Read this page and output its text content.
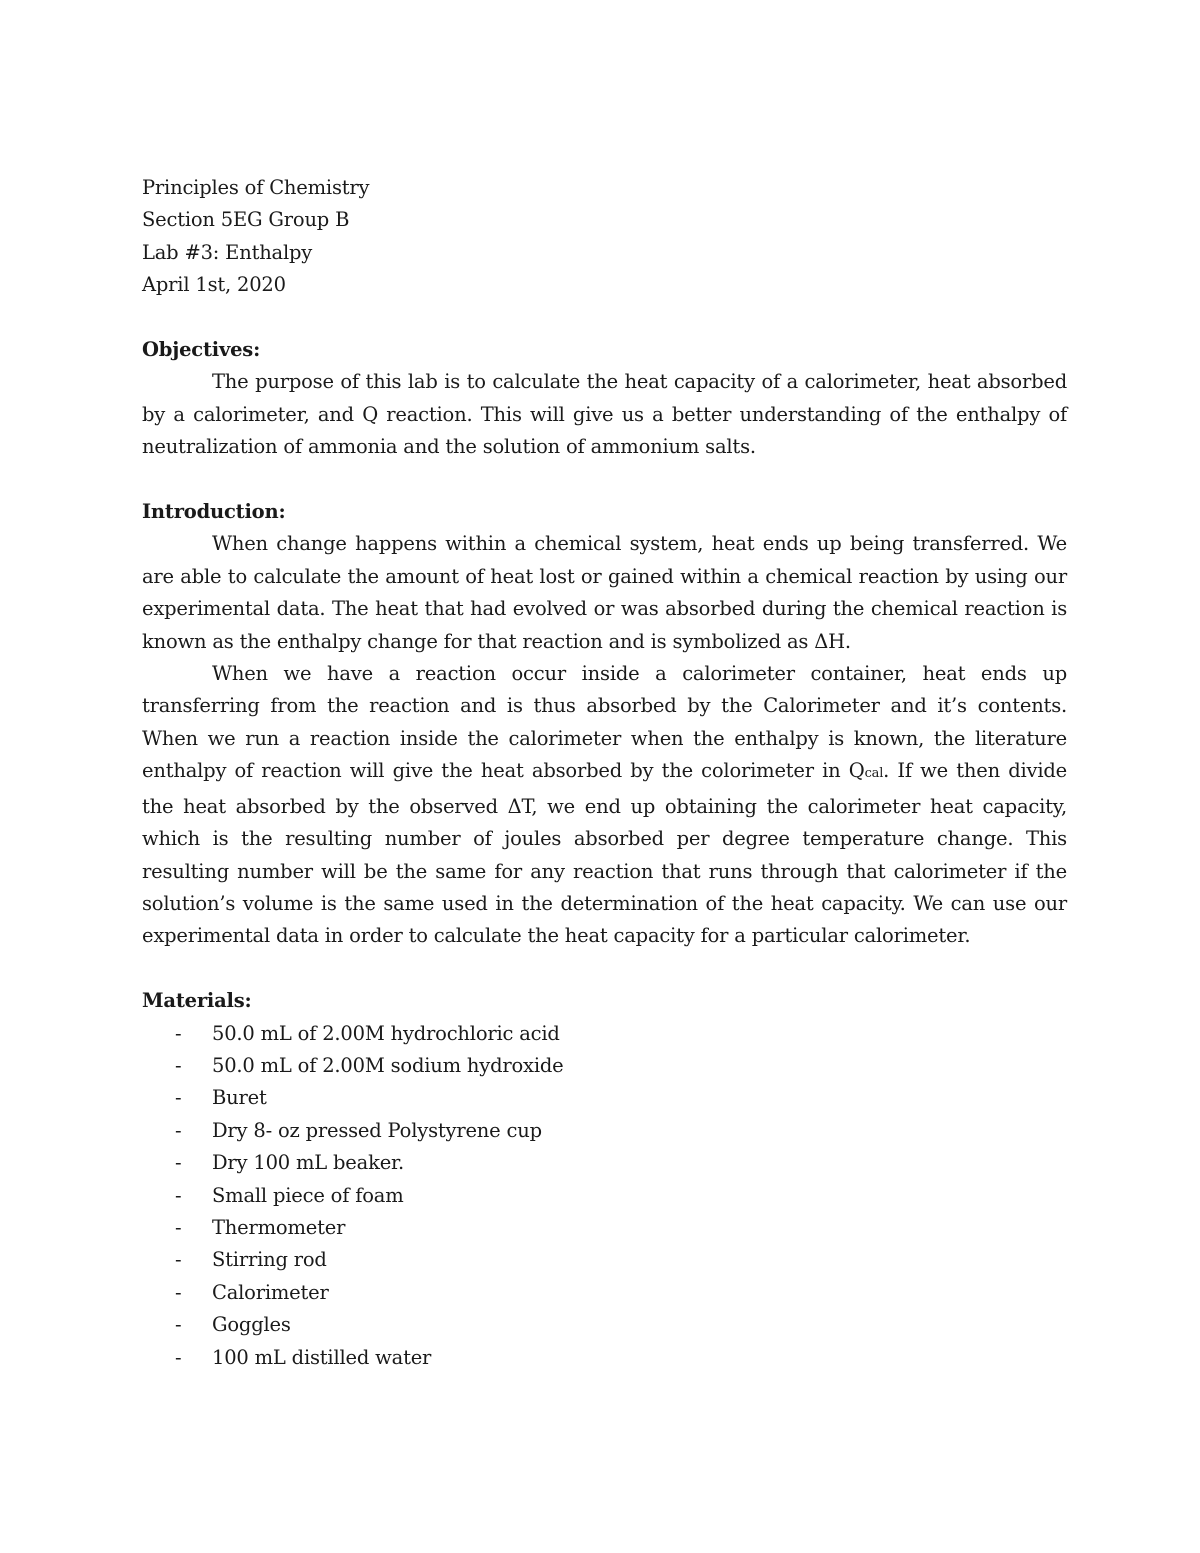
Principles of Chemistry
Section 5EG Group B
Lab #3: Enthalpy
April 1st, 2020
Objectives:

The purpose of this lab is to calculate the heat capacity of a calorimeter, heat absorbed by a calorimeter, and Q reaction. This will give us a better understanding of the enthalpy of neutralization of ammonia and the solution of ammonium salts.

Introduction:

When change happens within a chemical system, heat ends up being transferred. We are able to calculate the amount of heat lost or gained within a chemical reaction by using our experimental data. The heat that had evolved or was absorbed during the chemical reaction is known as the enthalpy change for that reaction and is symbolized as ΔH.

When we have a reaction occur inside a calorimeter container, heat ends up transferring from the reaction and is thus absorbed by the Calorimeter and it’s contents. When we run a reaction inside the calorimeter when the enthalpy is known, the literature enthalpy of reaction will give the heat absorbed by the colorimeter in Qcal. If we then divide the heat absorbed by the observed ΔT, we end up obtaining the calorimeter heat capacity, which is the resulting number of joules absorbed per degree temperature change. This resulting number will be the same for any reaction that runs through that calorimeter if the solution’s volume is the same used in the determination of the heat capacity. We can use our experimental data in order to calculate the heat capacity for a particular calorimeter.

Materials:
- 50.0 mL of 2.00M hydrochloric acid
- 50.0 mL of 2.00M sodium hydroxide
- Buret
- Dry 8- oz pressed Polystyrene cup
- Dry 100 mL beaker.
- Small piece of foam
- Thermometer
- Stirring rod
- Calorimeter
- Goggles
- 100 mL distilled water
